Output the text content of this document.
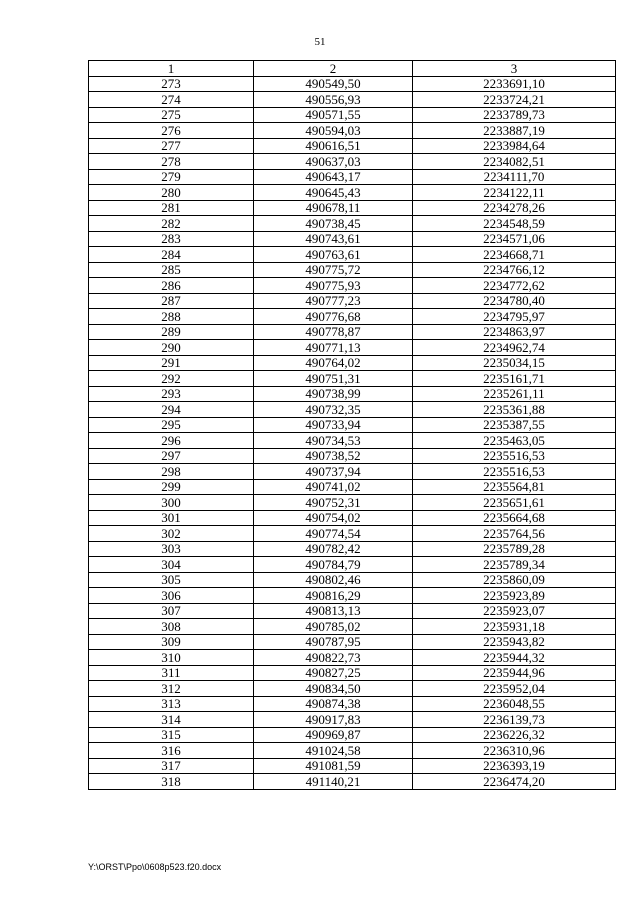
51
1	2	3
273	490549,50	2233691,10
274	490556,93	2233724,21
275	490571,55	2233789,73
276	490594,03	2233887,19
277	490616,51	2233984,64
278	490637,03	2234082,51
279	490643,17	2234111,70
280	490645,43	2234122,11
281	490678,11	2234278,26
282	490738,45	2234548,59
283	490743,61	2234571,06
284	490763,61	2234668,71
285	490775,72	2234766,12
286	490775,93	2234772,62
287	490777,23	2234780,40
288	490776,68	2234795,97
289	490778,87	2234863,97
290	490771,13	2234962,74
291	490764,02	2235034,15
292	490751,31	2235161,71
293	490738,99	2235261,11
294	490732,35	2235361,88
295	490733,94	2235387,55
296	490734,53	2235463,05
297	490738,52	2235516,53
298	490737,94	2235516,53
299	490741,02	2235564,81
300	490752,31	2235651,61
301	490754,02	2235664,68
302	490774,54	2235764,56
303	490782,42	2235789,28
304	490784,79	2235789,34
305	490802,46	2235860,09
306	490816,29	2235923,89
307	490813,13	2235923,07
308	490785,02	2235931,18
309	490787,95	2235943,82
310	490822,73	2235944,32
311	490827,25	2235944,96
312	490834,50	2235952,04
313	490874,38	2236048,55
314	490917,83	2236139,73
315	490969,87	2236226,32
316	491024,58	2236310,96
317	491081,59	2236393,19
318	491140,21	2236474,20
Y:\ORST\Ppo\0608p523.f20.docx
